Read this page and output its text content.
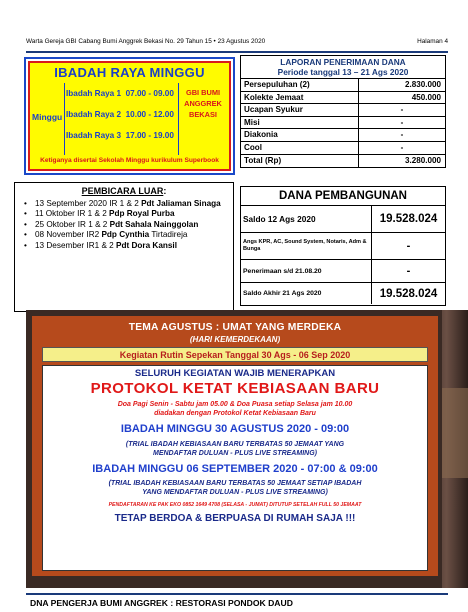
Warta Gereja GBI Cabang Bumi Anggrek Bekasi No. 29 Tahun 15 • 23 Agustus 2020	Halaman 4
IBADAH RAYA MINGGU
Minggu
Ibadah Raya 1 07.00 - 09.00
Ibadah Raya 2 10.00 - 12.00
Ibadah Raya 3 17.00 - 19.00
GBI BUMI
ANGGREK
BEKASI
Ketiganya disertai Sekolah Minggu kurikulum Superbook
PEMBICARA LUAR:
• 13 September 2020 IR 1 & 2 Pdt Jaliaman Sinaga
• 11 Oktober IR 1 & 2 Pdp Royal Purba
• 25 Oktober IR 1 & 2 Pdt Sahala Nainggolan
• 08 November IR2 Pdp Cynthia Tirtadireja
• 13 Desember IR1 & 2 Pdt Dora Kansil
LAPORAN PENERIMAAN DANA
Periode tanggal 13 – 21 Ags 2020
Persepuluhan (2)	2.830.000
Kolekte Jemaat	450.000
Ucapan Syukur	-
Misi	-
Diakonia	-
Cool	-
Total (Rp)	3.280.000
DANA PEMBANGUNAN
Saldo 12 Ags 2020	19.528.024
Angs KPR, AC, Sound System, Notaris, Adm & Bunga	-
Penerimaan s/d 21.08.20	-
Saldo Akhir 21 Ags 2020	19.528.024
TEMA AGUSTUS : UMAT YANG MERDEKA
(HARI KEMERDEKAAN)
Kegiatan Rutin Sepekan Tanggal 30 Ags - 06 Sep 2020
SELURUH KEGIATAN WAJIB MENERAPKAN
PROTOKOL KETAT KEBIASAAN BARU
Doa Pagi Senin - Sabtu jam 05.00 & Doa Puasa setiap Selasa jam 10.00
diadakan dengan Protokol Ketat Kebiasaan Baru
IBADAH MINGGU 30 AGUSTUS 2020 - 09:00
(TRIAL IBADAH KEBIASAAN BARU TERBATAS 50 JEMAAT YANG
MENDAFTAR DULUAN - PLUS LIVE STREAMING)
IBADAH MINGGU 06 SEPTEMBER 2020 - 07:00 & 09:00
(TRIAL IBADAH KEBIASAAN BARU TERBATAS 50 JEMAAT SETIAP IBADAH
YANG MENDAFTAR DULUAN - PLUS LIVE STREAMING)
PENDAFTARAN KE PAK EKO 0852 1649 4708 (SELASA - JUMAT) DITUTUP SETELAH FULL 50 JEMAAT
TETAP BERDOA & BERPUASA DI RUMAH SAJA !!!
DNA PENGERJA BUMI ANGGREK : RESTORASI PONDOK DAUD
